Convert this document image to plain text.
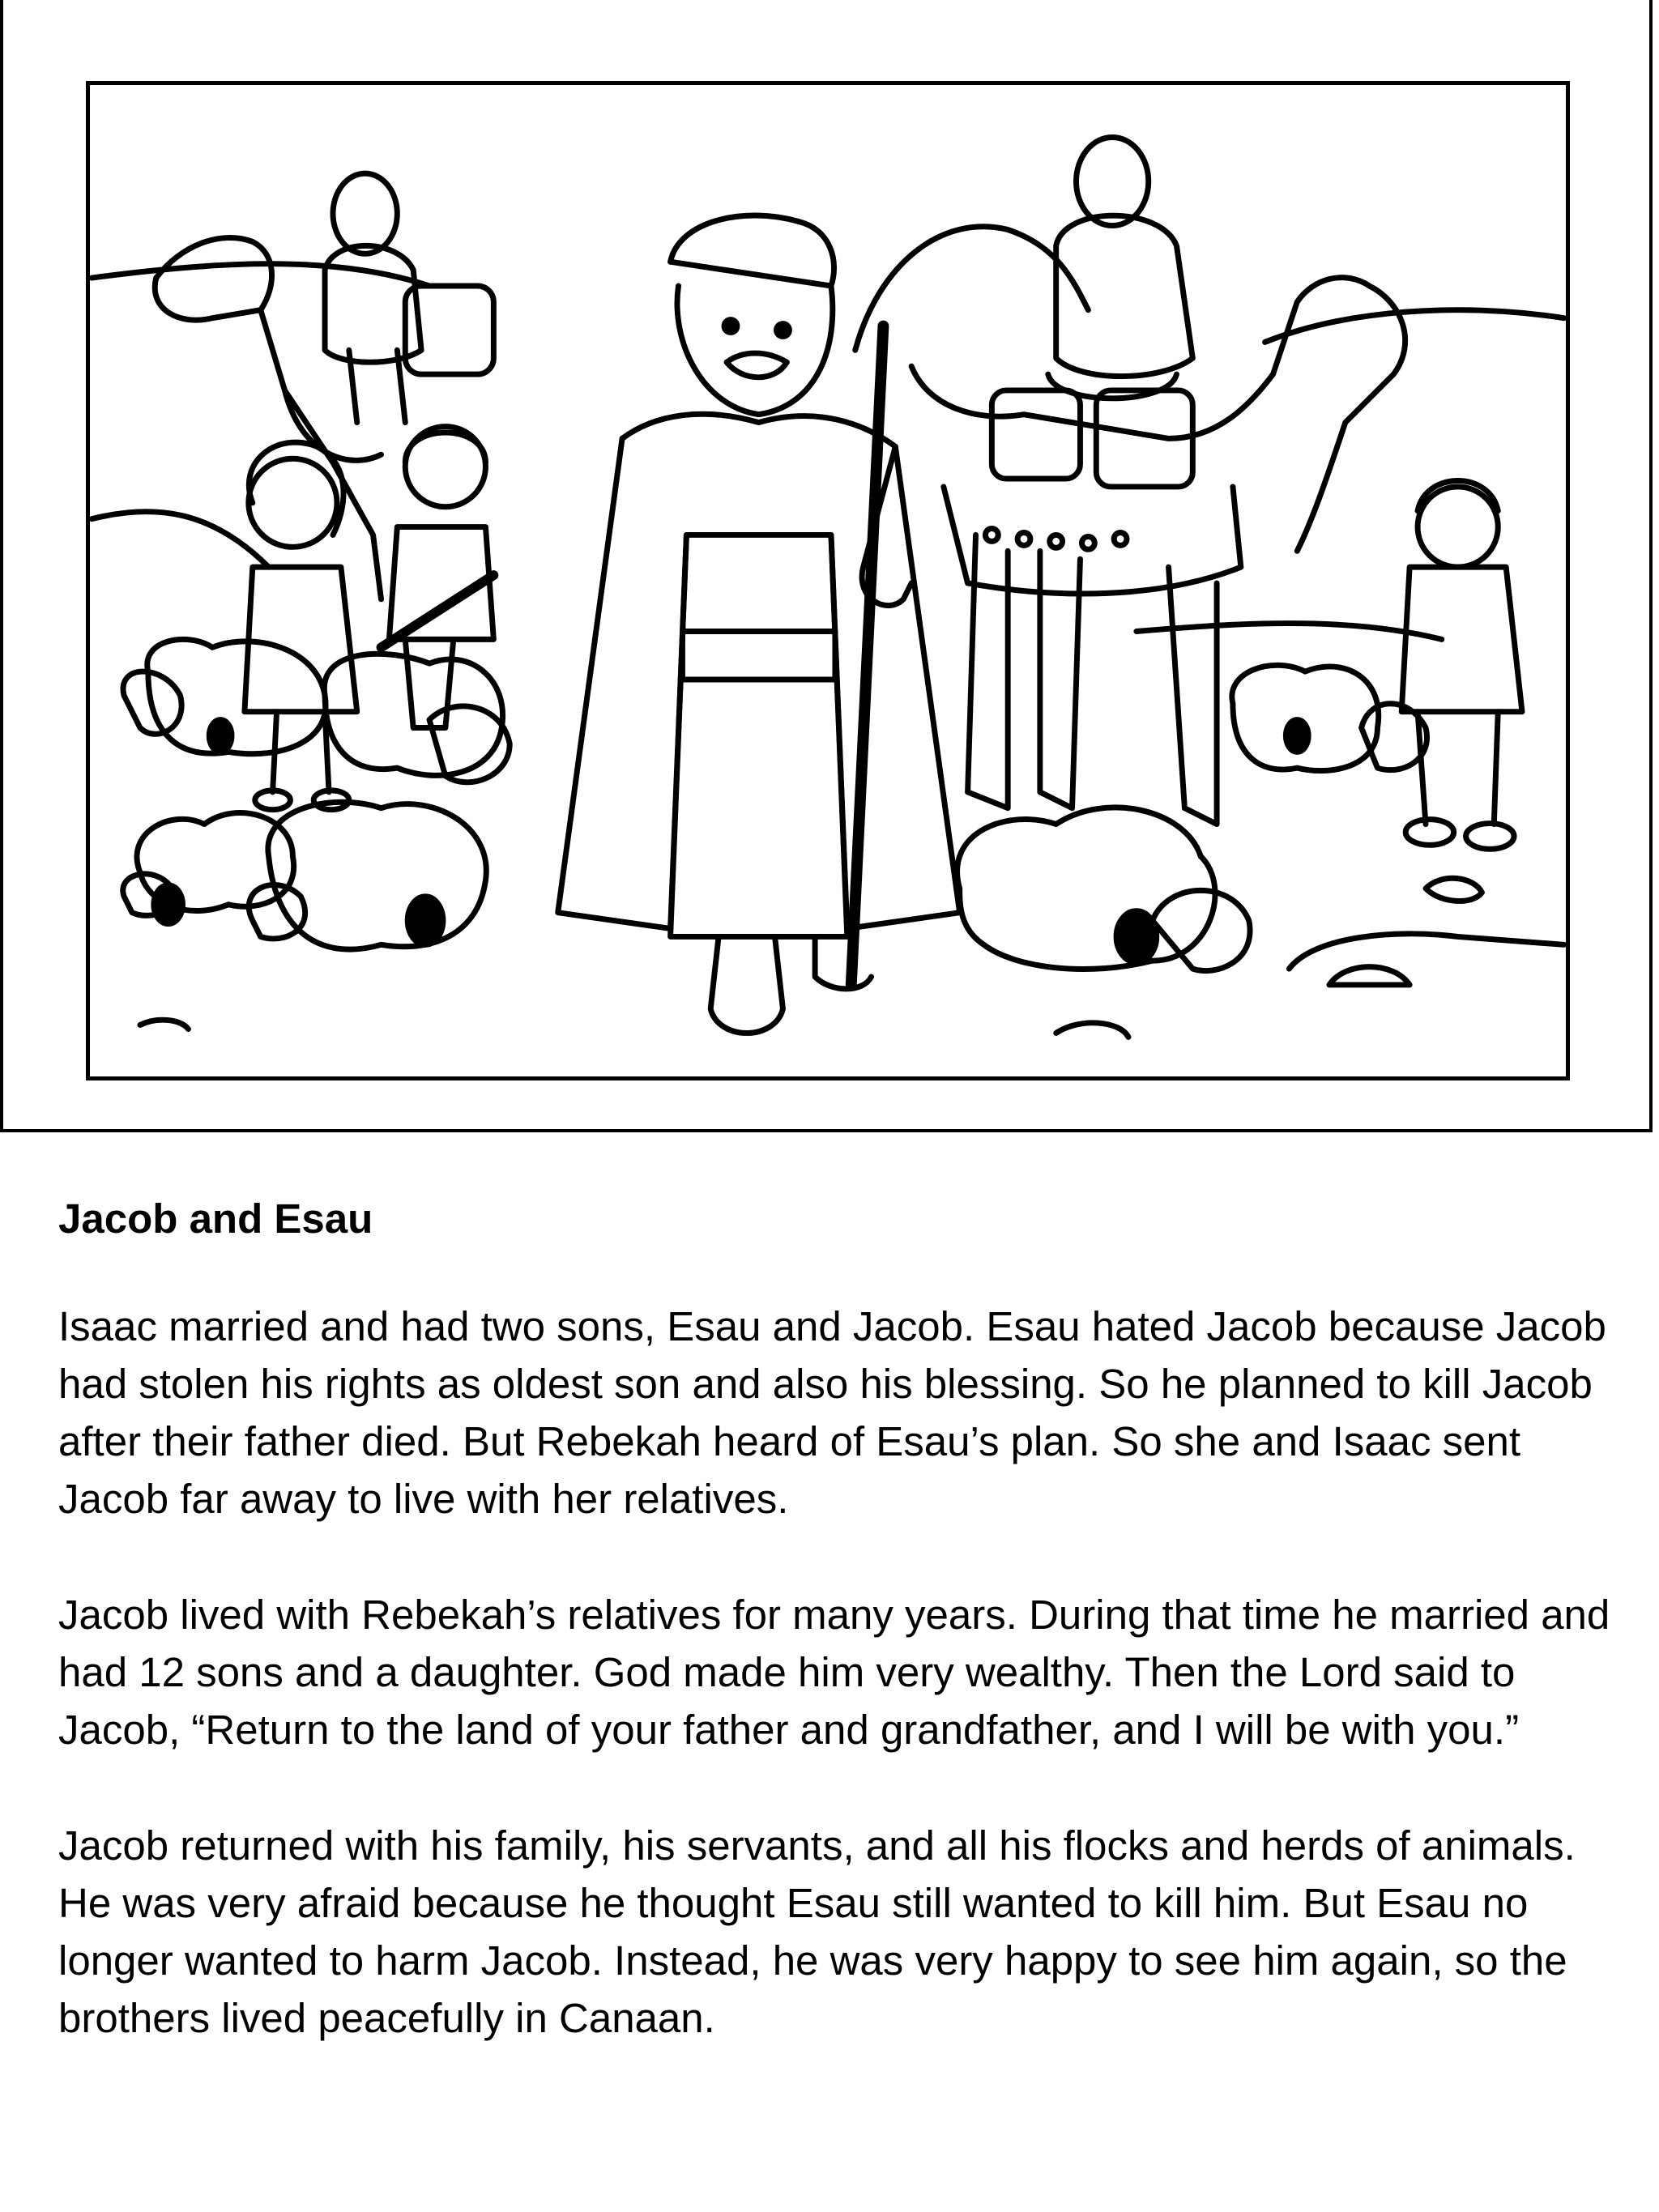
Jacob and Esau

Isaac married and had two sons, Esau and Jacob. Esau hated Jacob because Jacob had stolen his rights as oldest son and also his blessing. So he planned to kill Jacob after their father died. But Rebekah heard of Esau’s plan. So she and Isaac sent Jacob far away to live with her relatives.

Jacob lived with Rebekah’s relatives for many years. During that time he married and had 12 sons and a daughter. God made him very wealthy. Then the Lord said to Jacob, “Return to the land of your father and grandfather, and I will be with you.”

Jacob returned with his family, his servants, and all his flocks and herds of animals. He was very afraid because he thought Esau still wanted to kill him. But Esau no longer wanted to harm Jacob. Instead, he was very happy to see him again, so the brothers lived peacefully in Canaan.
